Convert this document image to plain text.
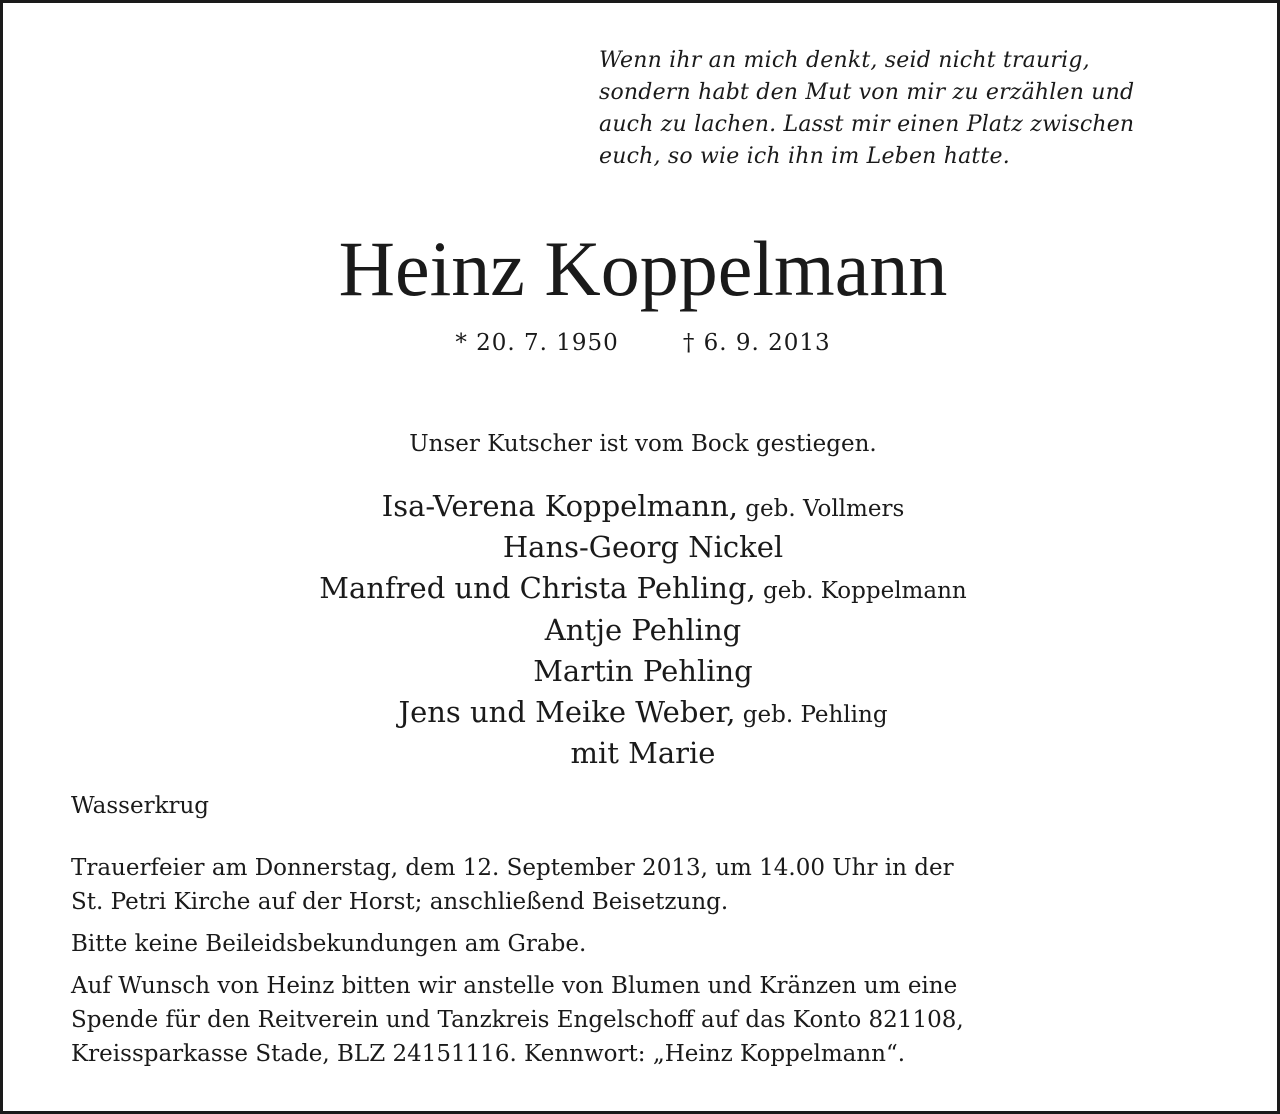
Wenn ihr an mich denkt, seid nicht traurig,
sondern habt den Mut von mir zu erzählen und
auch zu lachen. Lasst mir einen Platz zwischen
euch, so wie ich ihn im Leben hatte.
Heinz Koppelmann
* 20. 7. 1950	† 6. 9. 2013
Unser Kutscher ist vom Bock gestiegen.
Isa-Verena Koppelmann, geb. Vollmers
Hans-Georg Nickel
Manfred und Christa Pehling, geb. Koppelmann
Antje Pehling
Martin Pehling
Jens und Meike Weber, geb. Pehling
mit Marie
Wasserkrug
Trauerfeier am Donnerstag, dem 12. September 2013, um 14.00 Uhr in der
St. Petri Kirche auf der Horst; anschließend Beisetzung.
Bitte keine Beileidsbekundungen am Grabe.
Auf Wunsch von Heinz bitten wir anstelle von Blumen und Kränzen um eine
Spende für den Reitverein und Tanzkreis Engelschoff auf das Konto 821108,
Kreissparkasse Stade, BLZ 24151116. Kennwort: „Heinz Koppelmann“.
